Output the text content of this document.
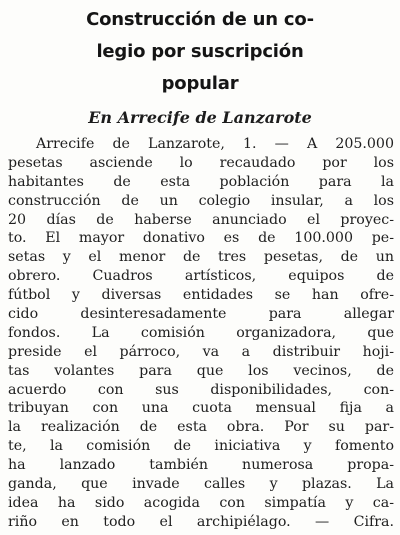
Construcción de un co-
legio por suscripción
popular
En Arrecife de Lanzarote
Arrecife de Lanzarote, 1. — A 205.000
pesetas asciende lo recaudado por los
habitantes de esta población para la
construcción de un colegio insular, a los
20 días de haberse anunciado el proyec-
to. El mayor donativo es de 100.000 pe-
setas y el menor de tres pesetas, de un
obrero. Cuadros artísticos, equipos de
fútbol y diversas entidades se han ofre-
cido desinteresadamente para allegar
fondos. La comisión organizadora, que
preside el párroco, va a distribuir hoji-
tas volantes para que los vecinos, de
acuerdo con sus disponibilidades, con-
tribuyan con una cuota mensual fija a
la realización de esta obra. Por su par-
te, la comisión de iniciativa y fomento
ha lanzado también numerosa propa-
ganda, que invade calles y plazas. La
idea ha sido acogida con simpatía y ca-
riño en todo el archipiélago. — Cifra.
